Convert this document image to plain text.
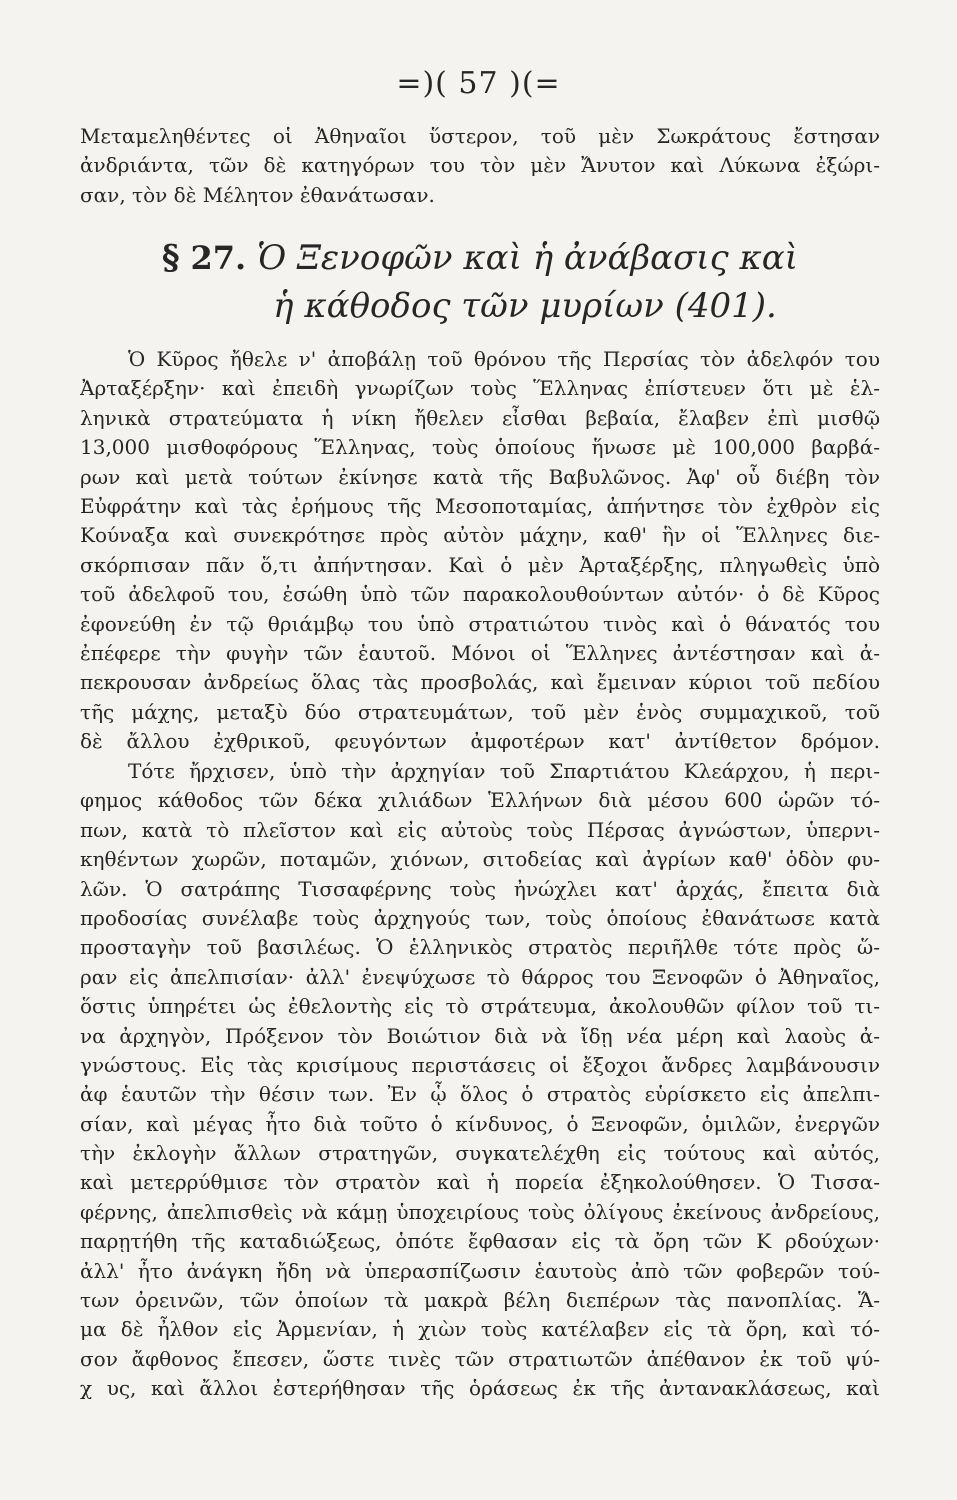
=)( 57 )(=
Μεταμεληθέντες οἱ Ἀθηναῖοι ὕστερον, τοῦ μὲν Σωκράτους ἔστησαν
ἀνδριάντα, τῶν δὲ κατηγόρων του τὸν μὲν Ἄνυτον καὶ Λύκωνα ἐξώρι-
σαν, τὸν δὲ Μέλητον ἐθανάτωσαν.
§ 27. Ὁ Ξενοφῶν καὶ ἡ ἀνάβασις καὶ
ἡ κάθοδος τῶν μυρίων (401).
Ὁ Κῦρος ἤθελε ν' ἀποβάλῃ τοῦ θρόνου τῆς Περσίας τὸν ἀδελφόν του
Ἀρταξέρξην· καὶ ἐπειδὴ γνωρίζων τοὺς Ἕλληνας ἐπίστευεν ὅτι μὲ ἑλ-
ληνικὰ στρατεύματα ἡ νίκη ἤθελεν εἶσθαι βεβαία, ἔλαβεν ἐπὶ μισθῷ
13,000 μισθοφόρους Ἕλληνας, τοὺς ὁποίους ἥνωσε μὲ 100,000 βαρβά-
ρων καὶ μετὰ τούτων ἐκίνησε κατὰ τῆς Βαβυλῶνος. Ἀφ' οὗ διέβη τὸν
Εὐφράτην καὶ τὰς ἐρήμους τῆς Μεσοποταμίας, ἀπήντησε τὸν ἐχθρὸν εἰς
Κούναξα καὶ συνεκρότησε πρὸς αὐτὸν μάχην, καθ' ἣν οἱ Ἕλληνες διε-
σκόρπισαν πᾶν ὅ,τι ἀπήντησαν. Καὶ ὁ μὲν Ἀρταξέρξης, πληγωθεὶς ὑπὸ
τοῦ ἀδελφοῦ του, ἐσώθη ὑπὸ τῶν παρακολουθούντων αὐτόν· ὁ δὲ Κῦρος
ἐφονεύθη ἐν τῷ θριάμβῳ του ὑπὸ στρατιώτου τινὸς καὶ ὁ θάνατός του
ἐπέφερε τὴν φυγὴν τῶν ἑαυτοῦ. Μόνοι οἱ Ἕλληνες ἀντέστησαν καὶ ἀ-
πεκρουσαν ἀνδρείως ὅλας τὰς προσβολάς, καὶ ἔμειναν κύριοι τοῦ πεδίου
τῆς μάχης, μεταξὺ δύο στρατευμάτων, τοῦ μὲν ἑνὸς συμμαχικοῦ, τοῦ
δὲ ἄλλου ἐχθρικοῦ, φευγόντων ἀμφοτέρων κατ' ἀντίθετον δρόμον.
Τότε ἤρχισεν, ὑπὸ τὴν ἀρχηγίαν τοῦ Σπαρτιάτου Κλεάρχου, ἡ περι-
φημος κάθοδος τῶν δέκα χιλιάδων Ἑλλήνων διὰ μέσου 600 ὡρῶν τό-
πων, κατὰ τὸ πλεῖστον καὶ εἰς αὐτοὺς τοὺς Πέρσας ἀγνώστων, ὑπερνι-
κηθέντων χωρῶν, ποταμῶν, χιόνων, σιτοδείας καὶ ἀγρίων καθ' ὁδὸν φυ-
λῶν. Ὁ σατράπης Τισσαφέρνης τοὺς ἠνώχλει κατ' ἀρχάς, ἔπειτα διὰ
προδοσίας συνέλαβε τοὺς ἀρχηγούς των, τοὺς ὁποίους ἐθανάτωσε κατὰ
προσταγὴν τοῦ βασιλέως. Ὁ ἑλληνικὸς στρατὸς περιῆλθε τότε πρὸς ὥ-
ραν εἰς ἀπελπισίαν· ἀλλ' ἐνεψύχωσε τὸ θάρρος του Ξενοφῶν ὁ Ἀθηναῖος,
ὅστις ὑπηρέτει ὡς ἐθελοντὴς εἰς τὸ στράτευμα, ἀκολουθῶν φίλον τοῦ τι-
να ἀρχηγὸν, Πρόξενον τὸν Βοιώτιον διὰ νὰ ἴδῃ νέα μέρη καὶ λαοὺς ἀ-
γνώστους. Εἰς τὰς κρισίμους περιστάσεις οἱ ἔξοχοι ἄνδρες λαμβάνουσιν
ἀφ ἑαυτῶν τὴν θέσιν των. Ἐν ᾧ ὅλος ὁ στρατὸς εὑρίσκετο εἰς ἀπελπι-
σίαν, καὶ μέγας ἦτο διὰ τοῦτο ὁ κίνδυνος, ὁ Ξενοφῶν, ὁμιλῶν, ἐνεργῶν
τὴν ἐκλογὴν ἄλλων στρατηγῶν, συγκατελέχθη εἰς τούτους καὶ αὐτός,
καὶ μετερρύθμισε τὸν στρατὸν καὶ ἡ πορεία ἐξηκολούθησεν. Ὁ Τισσα-
φέρνης, ἀπελπισθεὶς νὰ κάμῃ ὑποχειρίους τοὺς ὀλίγους ἐκείνους ἀνδρείους,
παρῃτήθη τῆς καταδιώξεως, ὁπότε ἔφθασαν εἰς τὰ ὄρη τῶν Κ ρδούχων·
ἀλλ' ἦτο ἀνάγκη ἤδη νὰ ὑπερασπίζωσιν ἑαυτοὺς ἀπὸ τῶν φοβερῶν τού-
των ὀρεινῶν, τῶν ὁποίων τὰ μακρὰ βέλη διεπέρων τὰς πανοπλίας. Ἅ-
μα δὲ ἦλθον εἰς Ἀρμενίαν, ἡ χιὼν τοὺς κατέλαβεν εἰς τὰ ὄρη, καὶ τό-
σον ἄφθονος ἔπεσεν, ὥστε τινὲς τῶν στρατιωτῶν ἀπέθανον ἐκ τοῦ ψύ-
χ υς, καὶ ἄλλοι ἐστερήθησαν τῆς ὁράσεως ἐκ τῆς ἀντανακλάσεως, καὶ
